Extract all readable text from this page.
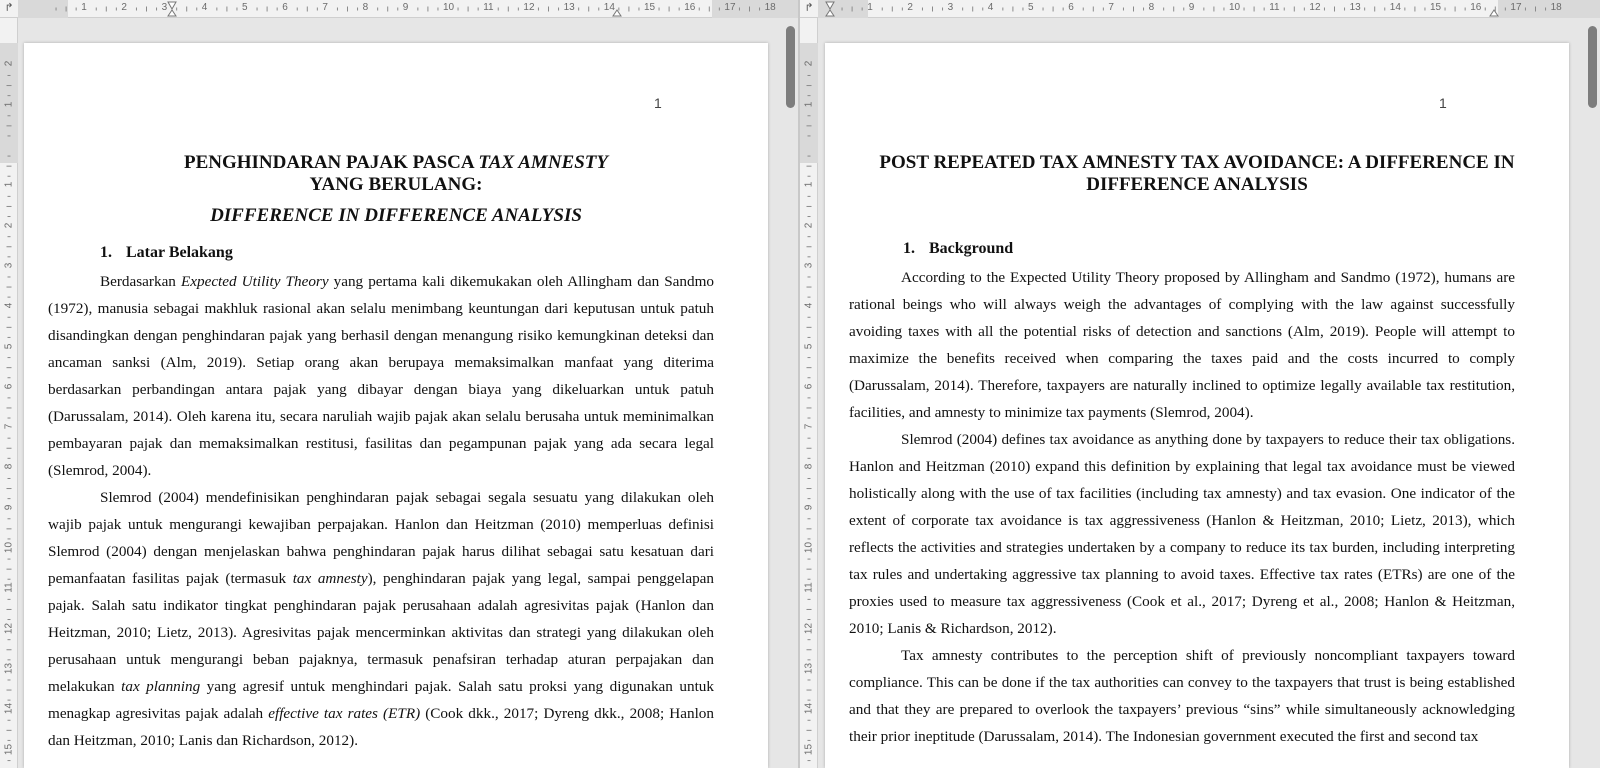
↱	1	2	3	4	5	6	7	8	9	10	11	12	13	14	15	16	17	18
2
1
1
2
3
4
5
6
7
8
9
10
11
12
13
14
15
1
PENGHINDARAN PAJAK PASCA TAX AMNESTY
YANG BERULANG:
DIFFERENCE IN DIFFERENCE ANALYSIS
1. Latar Belakang
Berdasarkan Expected Utility Theory yang pertama kali dikemukakan oleh Allingham dan Sandmo (1972), manusia sebagai makhluk rasional akan selalu menimbang keuntungan dari keputusan untuk patuh disandingkan dengan penghindaran pajak yang berhasil dengan menangung risiko kemungkinan deteksi dan ancaman sanksi (Alm, 2019). Setiap orang akan berupaya memaksimalkan manfaat yang diterima berdasarkan perbandingan antara pajak yang dibayar dengan biaya yang dikeluarkan untuk patuh (Darussalam, 2014). Oleh karena itu, secara naruliah wajib pajak akan selalu berusaha untuk meminimalkan pembayaran pajak dan memaksimalkan restitusi, fasilitas dan pegampunan pajak yang ada secara legal (Slemrod, 2004).
Slemrod (2004) mendefinisikan penghindaran pajak sebagai segala sesuatu yang dilakukan oleh wajib pajak untuk mengurangi kewajiban perpajakan. Hanlon dan Heitzman (2010) memperluas definisi Slemrod (2004) dengan menjelaskan bahwa penghindaran pajak harus dilihat sebagai satu kesatuan dari pemanfaatan fasilitas pajak (termasuk tax amnesty), penghindaran pajak yang legal, sampai penggelapan pajak. Salah satu indikator tingkat penghindaran pajak perusahaan adalah agresivitas pajak (Hanlon dan Heitzman, 2010; Lietz, 2013). Agresivitas pajak mencerminkan aktivitas dan strategi yang dilakukan oleh perusahaan untuk mengurangi beban pajaknya, termasuk penafsiran terhadap aturan perpajakan dan melakukan tax planning yang agresif untuk menghindari pajak. Salah satu proksi yang digunakan untuk menagkap agresivitas pajak adalah effective tax rates (ETR) (Cook dkk., 2017; Dyreng dkk., 2008; Hanlon dan Heitzman, 2010; Lanis dan Richardson, 2012).
↱	1	2	3	4	5	6	7	8	9	10	11	12	13	14	15	16	17	18
2
1
1
2
3
4
5
6
7
8
9
10
11
12
13
14
15
1
POST REPEATED TAX AMNESTY TAX AVOIDANCE: A DIFFERENCE IN
DIFFERENCE ANALYSIS
1. Background
According to the Expected Utility Theory proposed by Allingham and Sandmo (1972), humans are rational beings who will always weigh the advantages of complying with the law against successfully avoiding taxes with all the potential risks of detection and sanctions (Alm, 2019). People will attempt to maximize the benefits received when comparing the taxes paid and the costs incurred to comply (Darussalam, 2014). Therefore, taxpayers are naturally inclined to optimize legally available tax restitution, facilities, and amnesty to minimize tax payments (Slemrod, 2004).
Slemrod (2004) defines tax avoidance as anything done by taxpayers to reduce their tax obligations. Hanlon and Heitzman (2010) expand this definition by explaining that legal tax avoidance must be viewed holistically along with the use of tax facilities (including tax amnesty) and tax evasion. One indicator of the extent of corporate tax avoidance is tax aggressiveness (Hanlon & Heitzman, 2010; Lietz, 2013), which reflects the activities and strategies undertaken by a company to reduce its tax burden, including interpreting tax rules and undertaking aggressive tax planning to avoid taxes. Effective tax rates (ETRs) are one of the proxies used to measure tax aggressiveness (Cook et al., 2017; Dyreng et al., 2008; Hanlon & Heitzman, 2010; Lanis & Richardson, 2012).
Tax amnesty contributes to the perception shift of previously noncompliant taxpayers toward compliance. This can be done if the tax authorities can convey to the taxpayers that trust is being established and that they are prepared to overlook the taxpayers’ previous “sins” while simultaneously acknowledging their prior ineptitude (Darussalam, 2014). The Indonesian government executed the first and second tax
